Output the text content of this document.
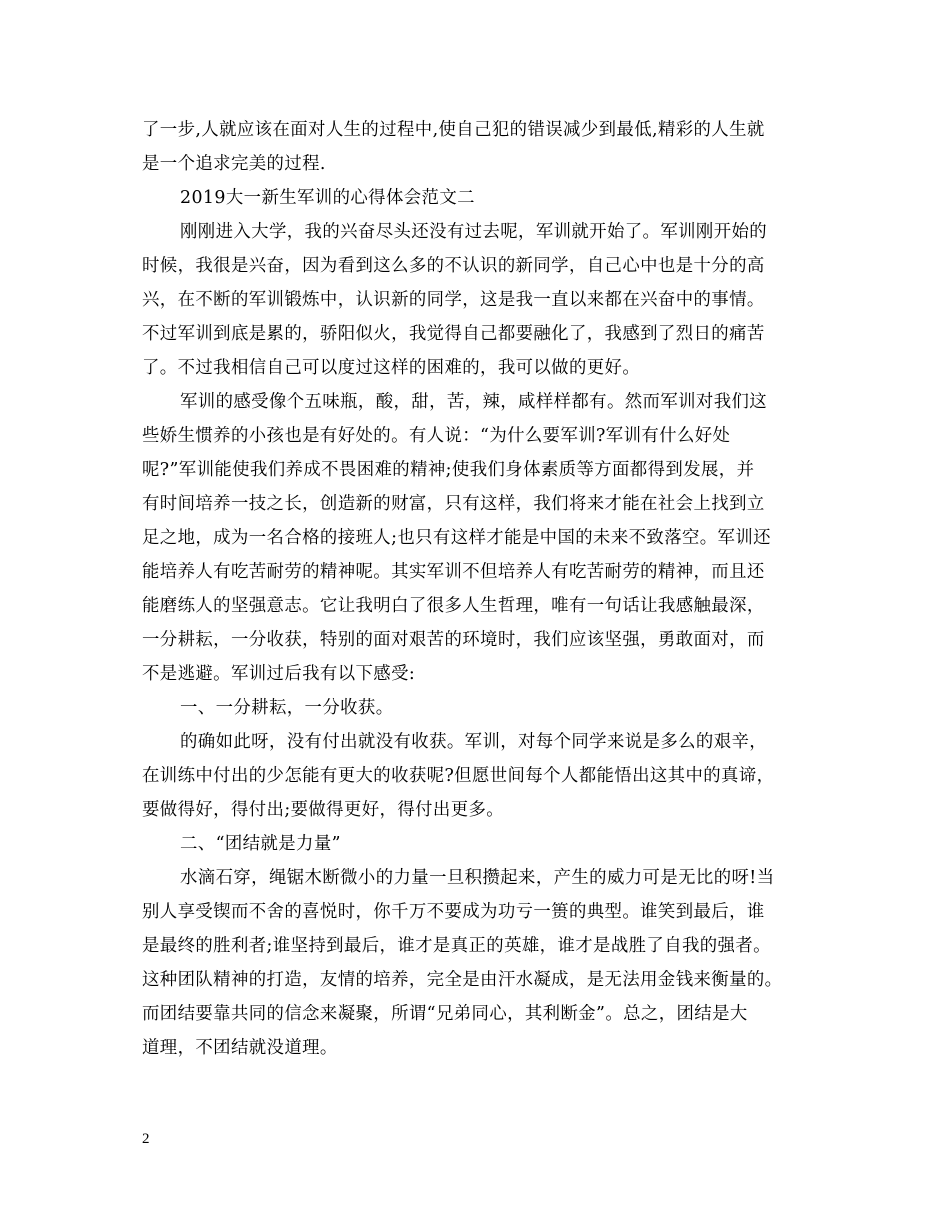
了一步,人就应该在面对人生的过程中,使自己犯的错误减少到最低,精彩的人生就
是一个追求完美的过程.

2019大一新生军训的心得体会范文二

刚刚进入大学，我的兴奋尽头还没有过去呢，军训就开始了。军训刚开始的
时候，我很是兴奋，因为看到这么多的不认识的新同学，自己心中也是十分的高
兴，在不断的军训锻炼中，认识新的同学，这是我一直以来都在兴奋中的事情。
不过军训到底是累的，骄阳似火，我觉得自己都要融化了，我感到了烈日的痛苦
了。不过我相信自己可以度过这样的困难的，我可以做的更好。

军训的感受像个五味瓶，酸，甜，苦，辣，咸样样都有。然而军训对我们这
些娇生惯养的小孩也是有好处的。有人说：“为什么要军训?军训有什么好处
呢?”军训能使我们养成不畏困难的精神;使我们身体素质等方面都得到发展，并
有时间培养一技之长，创造新的财富，只有这样，我们将来才能在社会上找到立
足之地，成为一名合格的接班人;也只有这样才能是中国的未来不致落空。军训还
能培养人有吃苦耐劳的精神呢。其实军训不但培养人有吃苦耐劳的精神，而且还
能磨练人的坚强意志。它让我明白了很多人生哲理，唯有一句话让我感触最深，
一分耕耘，一分收获，特别的面对艰苦的环境时，我们应该坚强，勇敢面对，而
不是逃避。军训过后我有以下感受:

一、一分耕耘，一分收获。

的确如此呀，没有付出就没有收获。军训，对每个同学来说是多么的艰辛，
在训练中付出的少怎能有更大的收获呢?但愿世间每个人都能悟出这其中的真谛，
要做得好，得付出;要做得更好，得付出更多。

二、“团结就是力量”

水滴石穿，绳锯木断微小的力量一旦积攒起来，产生的威力可是无比的呀!当
别人享受锲而不舍的喜悦时，你千万不要成为功亏一篑的典型。谁笑到最后，谁
是最终的胜利者;谁坚持到最后，谁才是真正的英雄，谁才是战胜了自我的强者。
这种团队精神的打造，友情的培养，完全是由汗水凝成，是无法用金钱来衡量的。
而团结要靠共同的信念来凝聚，所谓“兄弟同心，其利断金”。总之，团结是大
道理，不团结就没道理。

2
